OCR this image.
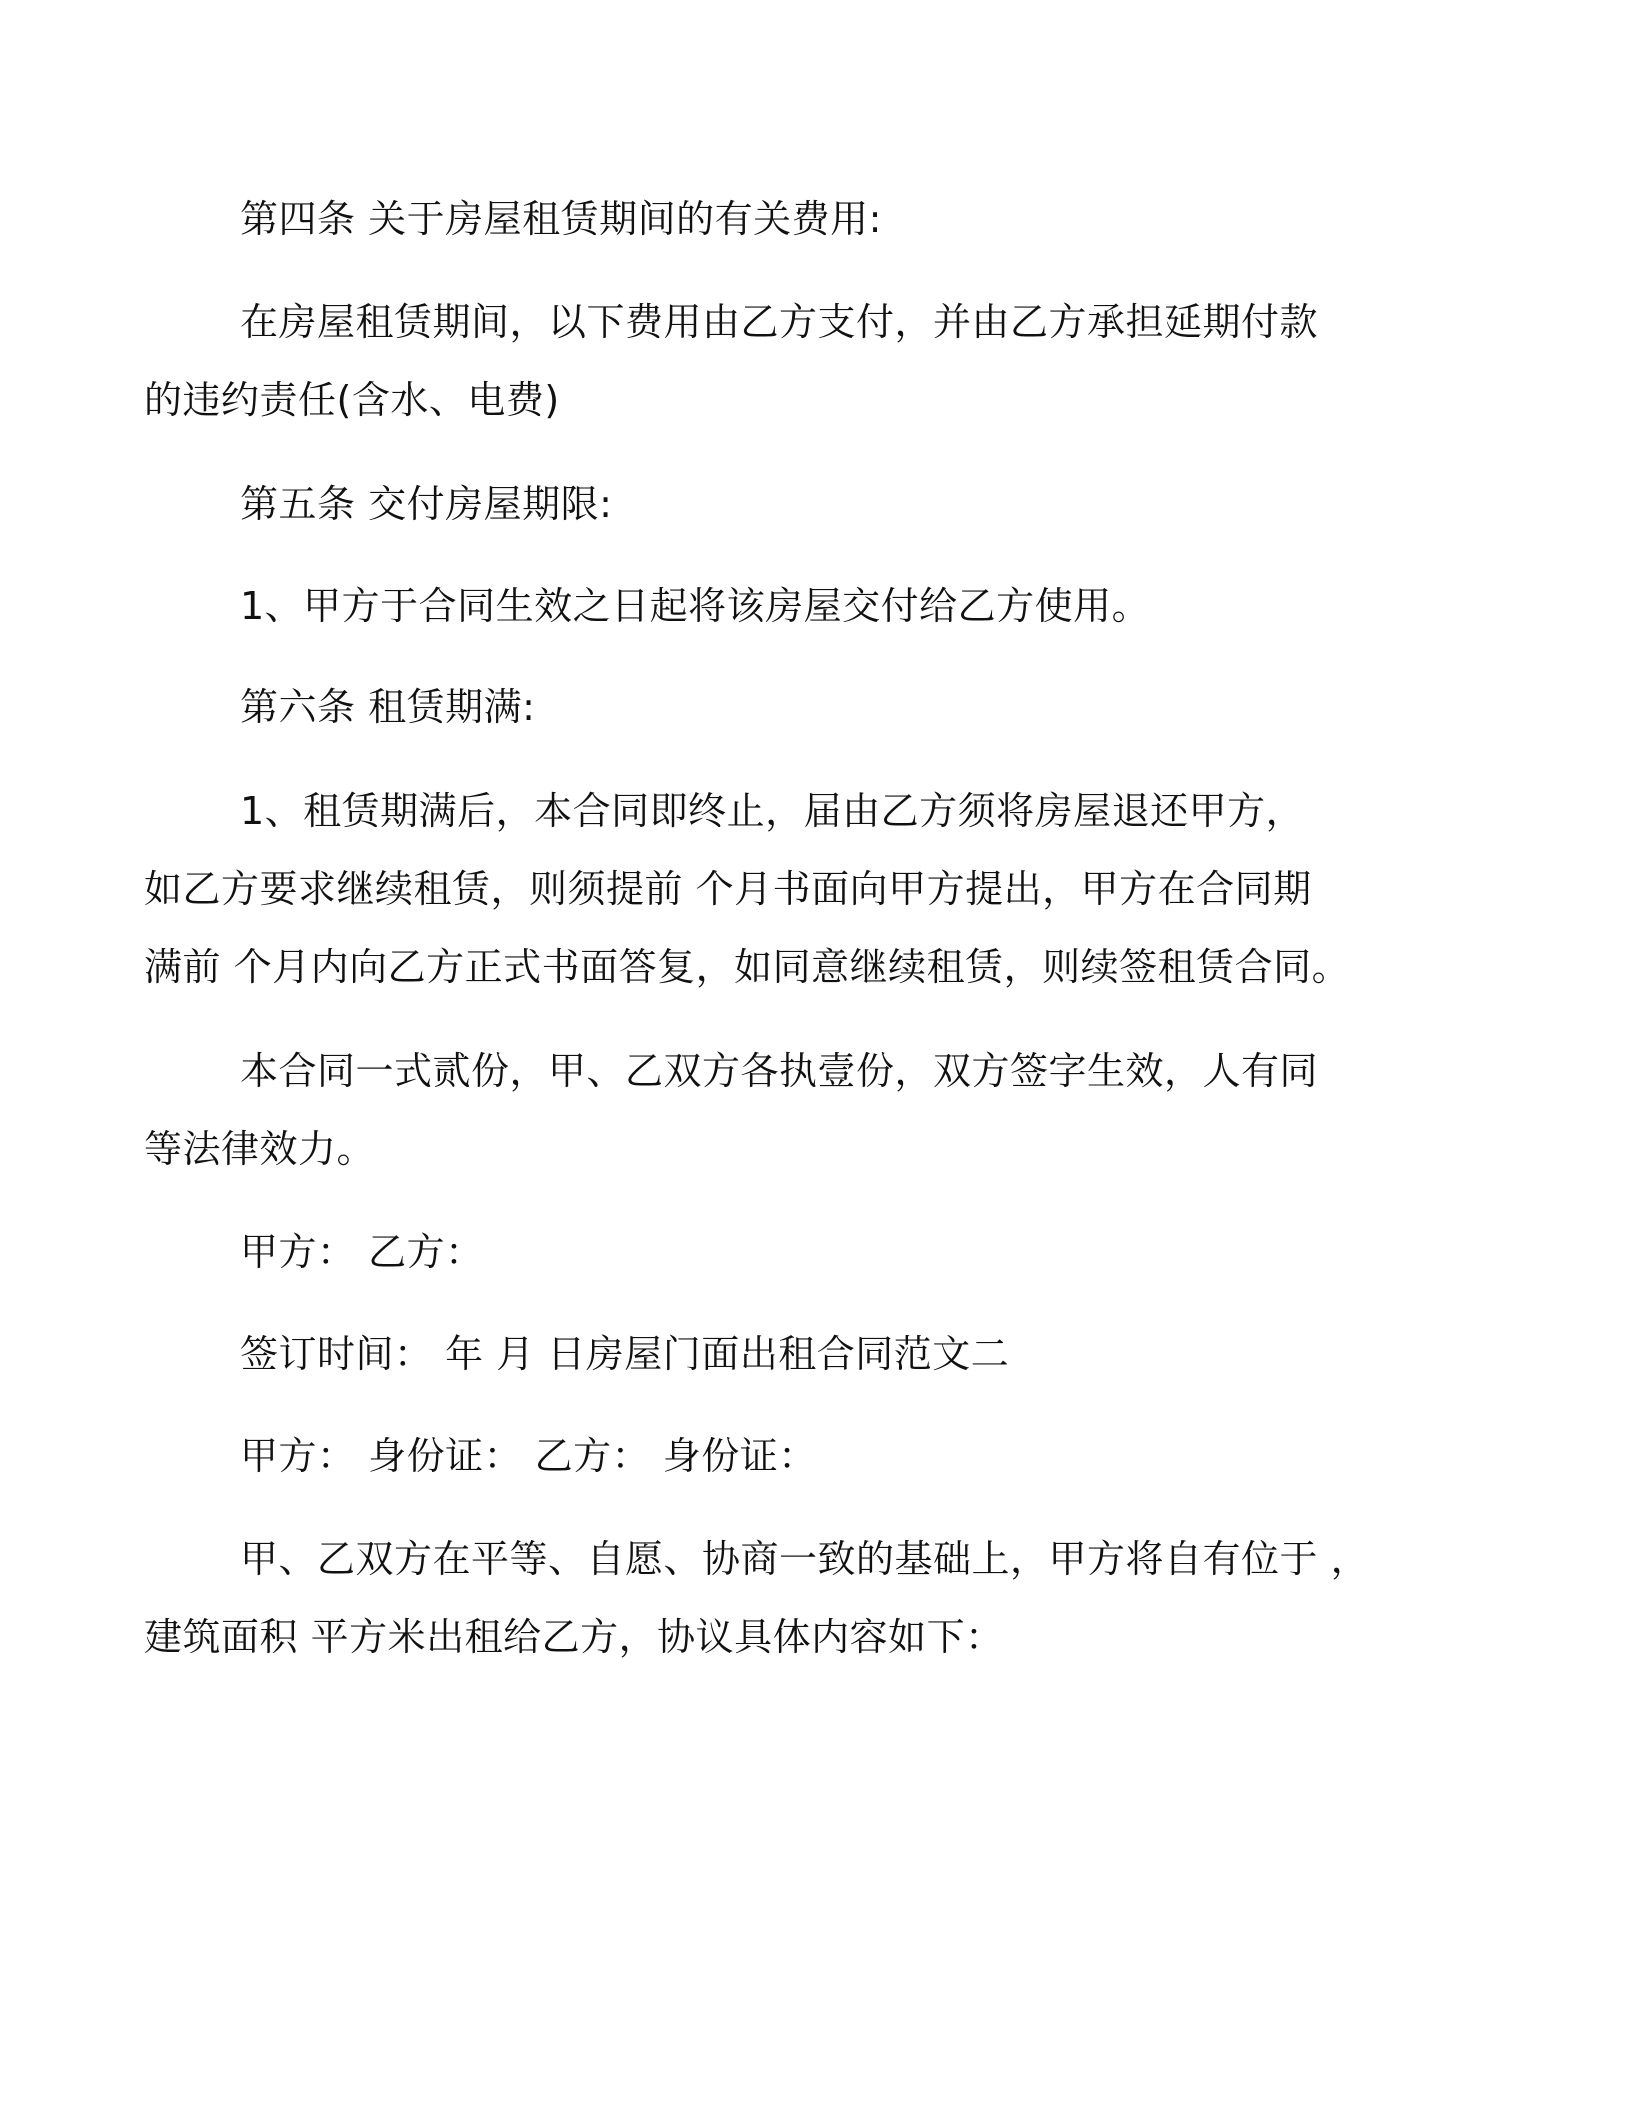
第四条 关于房屋租赁期间的有关费用:
在房屋租赁期间，以下费用由乙方支付，并由乙方承担延期付款
的违约责任(含水、电费)
第五条 交付房屋期限:
1、甲方于合同生效之日起将该房屋交付给乙方使用。
第六条 租赁期满:
1、租赁期满后，本合同即终止，届由乙方须将房屋退还甲方，
如乙方要求继续租赁，则须提前 个月书面向甲方提出，甲方在合同期
满前 个月内向乙方正式书面答复，如同意继续租赁，则续签租赁合同。
本合同一式贰份，甲、乙双方各执壹份，双方签字生效，人有同
等法律效力。
甲方： 乙方：
签订时间： 年 月 日房屋门面出租合同范文二
甲方： 身份证： 乙方： 身份证：
甲、乙双方在平等、自愿、协商一致的基础上，甲方将自有位于 ，
建筑面积 平方米出租给乙方，协议具体内容如下：
